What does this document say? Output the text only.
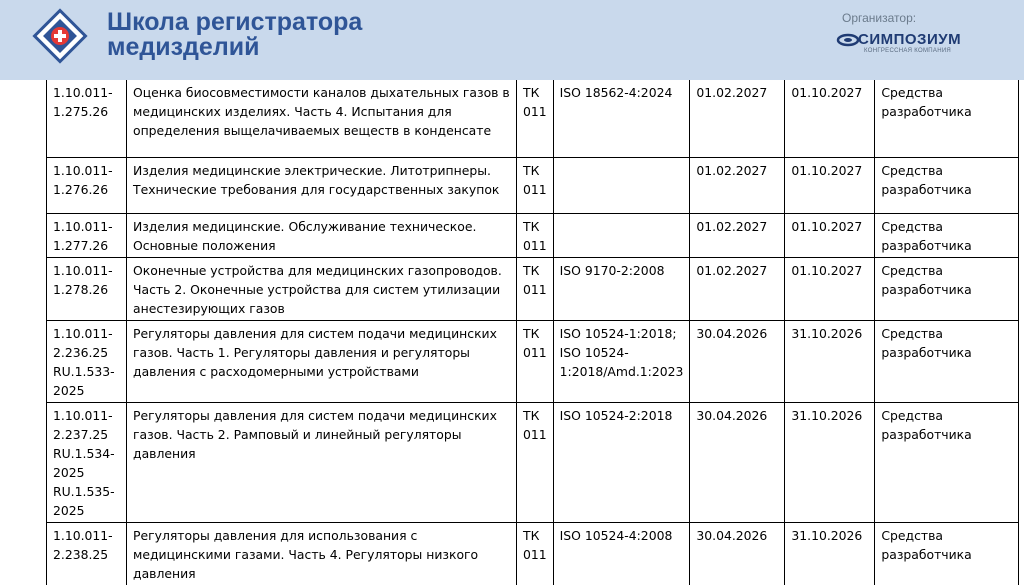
Школа регистратора
медизделий
Организатор:
СИМПОЗИУМ
КОНГРЕССНАЯ КОМПАНИЯ
1.10.011-1.275.26	Оценка биосовместимости каналов дыхательных газов в медицинских изделиях. Часть 4. Испытания для определения выщелачиваемых веществ в конденсате	ТК 011	ISO 18562-4:2024	01.02.2027	01.10.2027	Средства разработчика
1.10.011-1.276.26	Изделия медицинские электрические. Литотрипнеры. Технические требования для государственных закупок	ТК 011		01.02.2027	01.10.2027	Средства разработчика
1.10.011-1.277.26	Изделия медицинские. Обслуживание техническое. Основные положения	ТК 011		01.02.2027	01.10.2027	Средства разработчика
1.10.011-1.278.26	Оконечные устройства для медицинских газопроводов. Часть 2. Оконечные устройства для систем утилизации анестезирующих газов	ТК 011	ISO 9170-2:2008	01.02.2027	01.10.2027	Средства разработчика
1.10.011-2.236.25 RU.1.533-2025	Регуляторы давления для систем подачи медицинских газов. Часть 1. Регуляторы давления и регуляторы давления с расходомерными устройствами	ТК 011	ISO 10524-1:2018; ISO 10524-1:2018/Amd.1:2023	30.04.2026	31.10.2026	Средства разработчика
1.10.011-2.237.25 RU.1.534-2025 RU.1.535-2025	Регуляторы давления для систем подачи медицинских газов. Часть 2. Рамповый и линейный регуляторы давления	ТК 011	ISO 10524-2:2018	30.04.2026	31.10.2026	Средства разработчика
1.10.011-2.238.25	Регуляторы давления для использования с медицинскими газами. Часть 4. Регуляторы низкого давления	ТК 011	ISO 10524-4:2008	30.04.2026	31.10.2026	Средства разработчика
